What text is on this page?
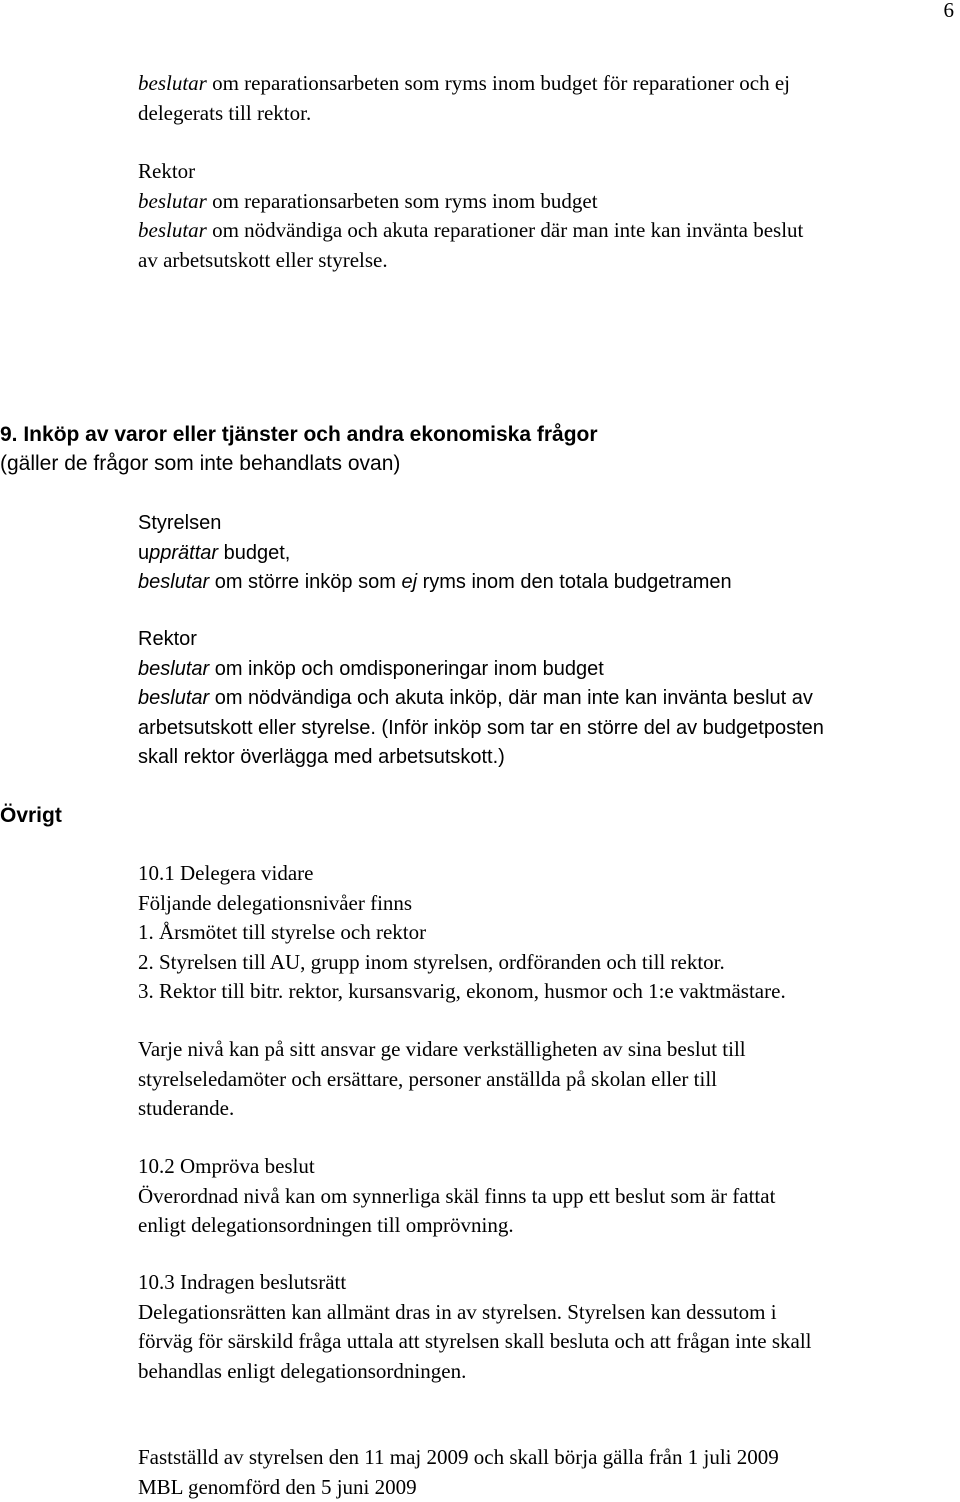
6

beslutar om reparationsarbeten som ryms inom budget för reparationer och ej

delegerats till rektor.

Rektor

beslutar om reparationsarbeten som ryms inom budget

beslutar om nödvändiga och akuta reparationer där man inte kan invänta beslut

av arbetsutskott eller styrelse.

9. Inköp av varor eller tjänster och andra ekonomiska frågor
(gäller de frågor som inte behandlats ovan)

Styrelsen

upprättar budget,

beslutar om större inköp som ej ryms inom den totala budgetramen

Rektor

beslutar om inköp och omdisponeringar inom budget

beslutar om nödvändiga och akuta inköp, där man inte kan invänta beslut av

arbetsutskott eller styrelse. (Inför inköp som tar en större del av budgetposten

skall rektor överlägga med arbetsutskott.)

Övrigt

10.1 Delegera vidare

Följande delegationsnivåer finns

1. Årsmötet till styrelse och rektor

2. Styrelsen till AU, grupp inom styrelsen, ordföranden och till rektor.

3. Rektor till bitr. rektor, kursansvarig, ekonom, husmor och 1:e vaktmästare.

Varje nivå kan på sitt ansvar ge vidare verkställigheten av sina beslut till

styrelseledamöter och ersättare, personer anställda på skolan eller till

studerande.

10.2 Ompröva beslut

Överordnad nivå kan om synnerliga skäl finns ta upp ett beslut som är fattat

enligt delegationsordningen till omprövning.

10.3 Indragen beslutsrätt

Delegationsrätten kan allmänt dras in av styrelsen. Styrelsen kan dessutom i

förväg för särskild fråga uttala att styrelsen skall besluta och att frågan inte skall

behandlas enligt delegationsordningen.

Fastställd av styrelsen den 11 maj 2009 och skall börja gälla från 1 juli 2009

MBL genomförd den 5 juni 2009
